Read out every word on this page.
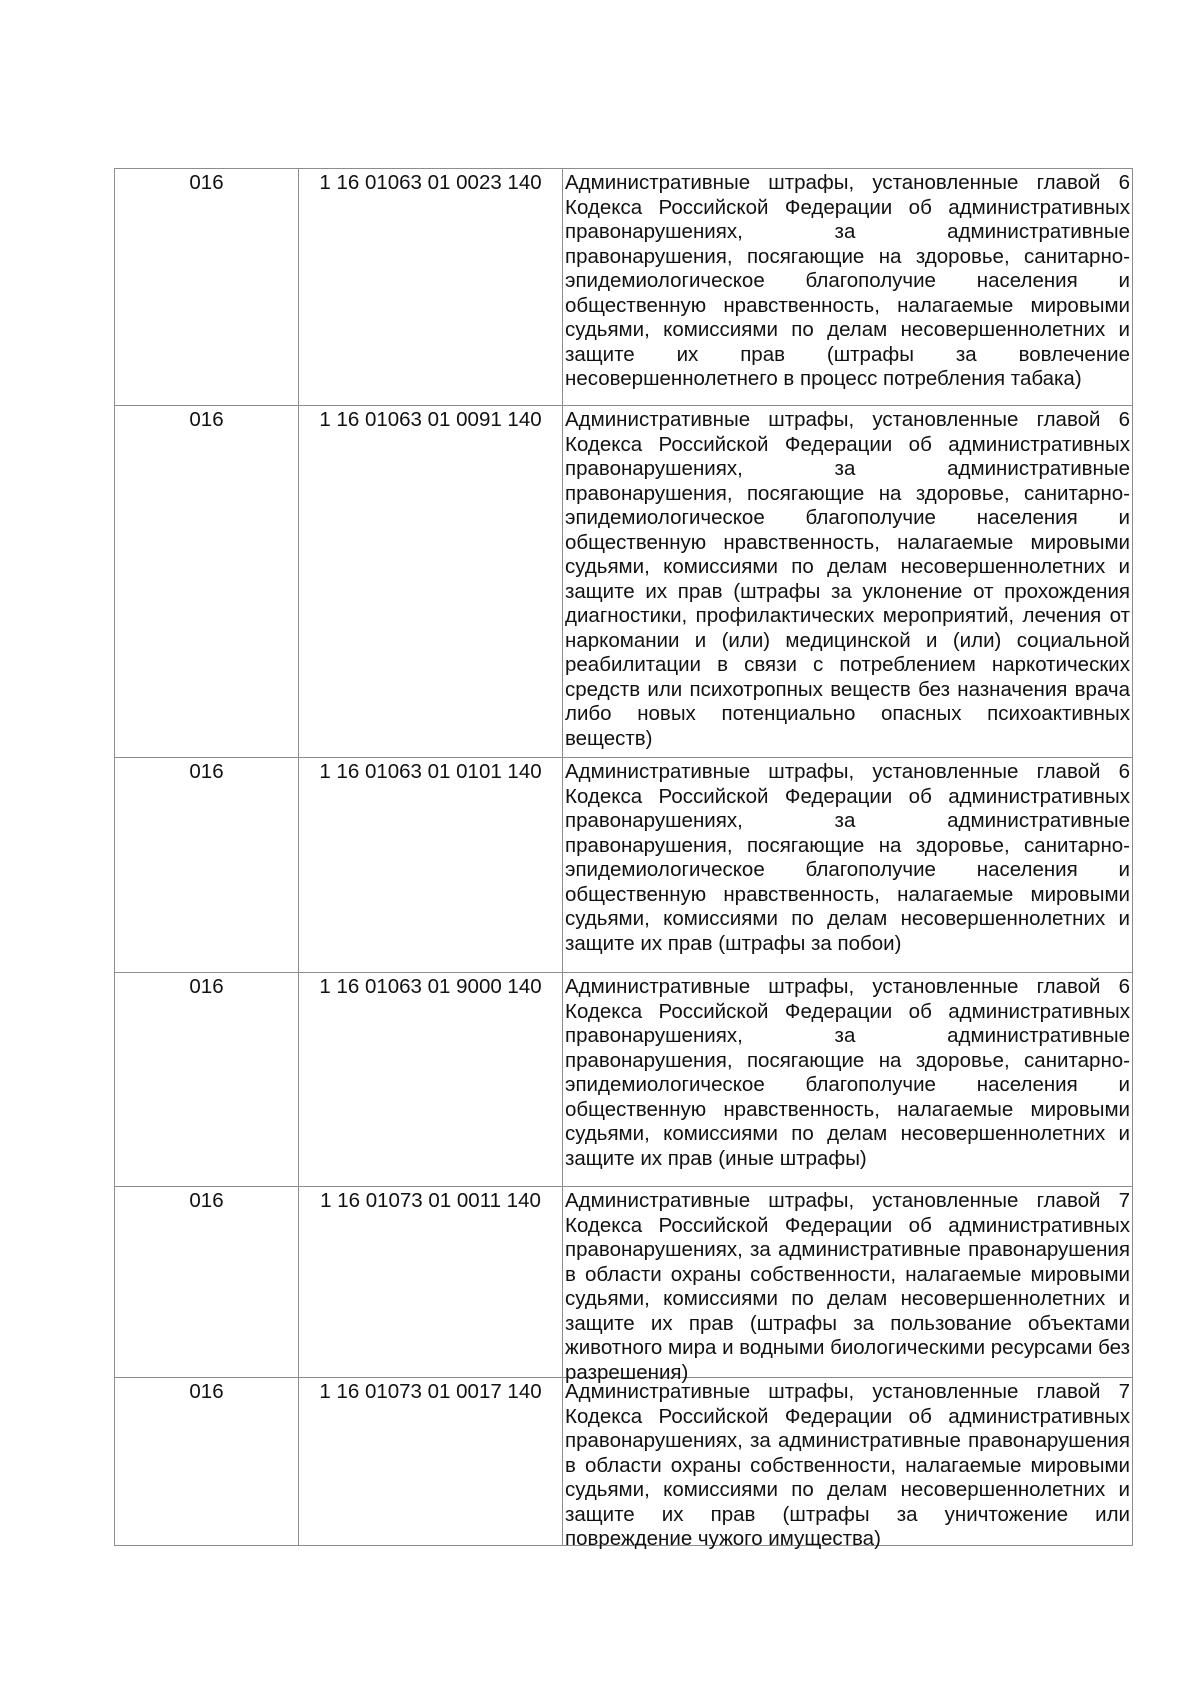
016	1 16 01063 01 0023 140	Административные штрафы, установленные главой 6 Кодекса Российской Федерации об административных правонарушениях, за административные правонарушения, посягающие на здоровье, санитарно-эпидемиологическое благополучие населения и общественную нравственность, налагаемые мировыми судьями, комиссиями по делам несовершеннолетних и защите их прав (штрафы за вовлечение несовершеннолетнего в процесс потребления табака)
016	1 16 01063 01 0091 140	Административные штрафы, установленные главой 6 Кодекса Российской Федерации об административных правонарушениях, за административные правонарушения, посягающие на здоровье, санитарно-эпидемиологическое благополучие населения и общественную нравственность, налагаемые мировыми судьями, комиссиями по делам несовершеннолетних и защите их прав (штрафы за уклонение от прохождения диагностики, профилактических мероприятий, лечения от наркомании и (или) медицинской и (или) социальной реабилитации в связи с потреблением наркотических средств или психотропных веществ без назначения врача либо новых потенциально опасных психоактивных веществ)
016	1 16 01063 01 0101 140	Административные штрафы, установленные главой 6 Кодекса Российской Федерации об административных правонарушениях, за административные правонарушения, посягающие на здоровье, санитарно-эпидемиологическое благополучие населения и общественную нравственность, налагаемые мировыми судьями, комиссиями по делам несовершеннолетних и защите их прав (штрафы за побои)
016	1 16 01063 01 9000 140	Административные штрафы, установленные главой 6 Кодекса Российской Федерации об административных правонарушениях, за административные правонарушения, посягающие на здоровье, санитарно-эпидемиологическое благополучие населения и общественную нравственность, налагаемые мировыми судьями, комиссиями по делам несовершеннолетних и защите их прав (иные штрафы)
016	1 16 01073 01 0011 140	Административные штрафы, установленные главой 7 Кодекса Российской Федерации об административных правонарушениях, за административные правонарушения в области охраны собственности, налагаемые мировыми судьями, комиссиями по делам несовершеннолетних и защите их прав (штрафы за пользование объектами животного мира и водными биологическими ресурсами без разрешения)
016	1 16 01073 01 0017 140	Административные штрафы, установленные главой 7 Кодекса Российской Федерации об административных правонарушениях, за административные правонарушения в области охраны собственности, налагаемые мировыми судьями, комиссиями по делам несовершеннолетних и защите их прав (штрафы за уничтожение или повреждение чужого имущества)
